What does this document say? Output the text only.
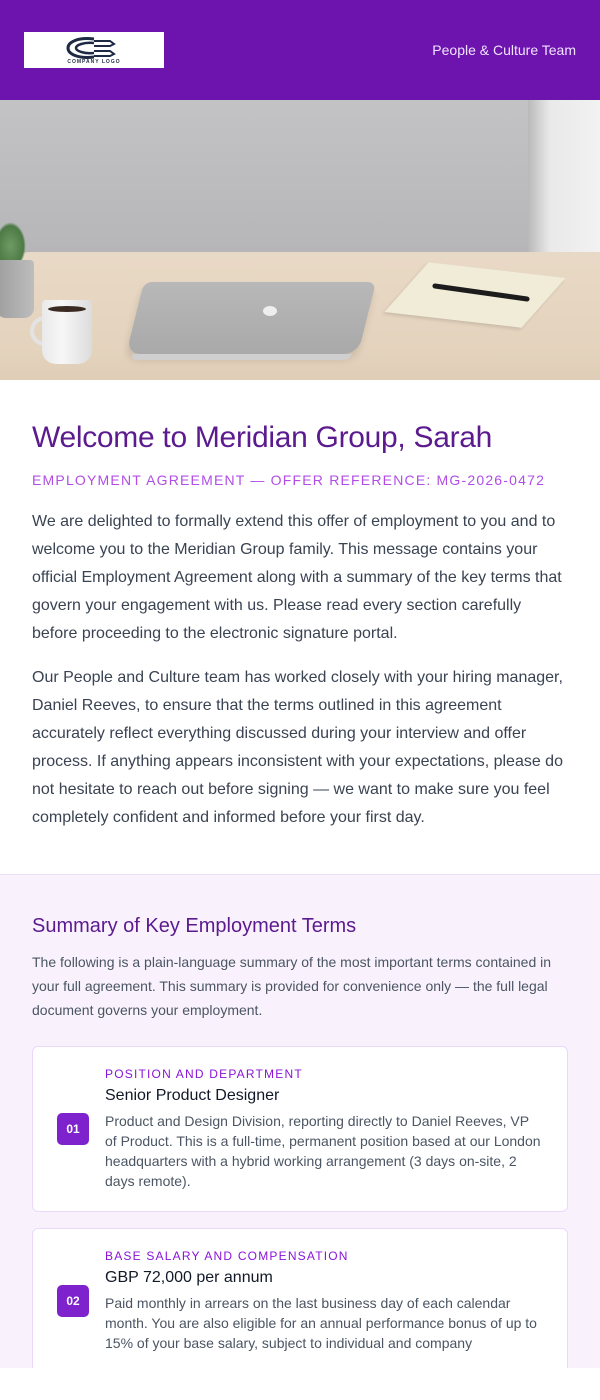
COMPANY LOGO
People & Culture Team
Welcome to Meridian Group, Sarah
EMPLOYMENT AGREEMENT — OFFER REFERENCE: MG-2026-0472

We are delighted to formally extend this offer of employment to you and to welcome you to the Meridian Group family. This message contains your official Employment Agreement along with a summary of the key terms that govern your engagement with us. Please read every section carefully before proceeding to the electronic signature portal.

Our People and Culture team has worked closely with your hiring manager, Daniel Reeves, to ensure that the terms outlined in this agreement accurately reflect everything discussed during your interview and offer process. If anything appears inconsistent with your expectations, please do not hesitate to reach out before signing — we want to make sure you feel completely confident and informed before your first day.

Summary of Key Employment Terms

The following is a plain-language summary of the most important terms contained in your full agreement. This summary is provided for convenience only — the full legal document governs your employment.

01
POSITION AND DEPARTMENT
Senior Product Designer
Product and Design Division, reporting directly to Daniel Reeves, VP of Product. This is a full-time, permanent position based at our London headquarters with a hybrid working arrangement (3 days on-site, 2 days remote).
02
BASE SALARY AND COMPENSATION
GBP 72,000 per annum
Paid monthly in arrears on the last business day of each calendar month. You are also eligible for an annual performance bonus of up to 15% of your base salary, subject to individual and company
